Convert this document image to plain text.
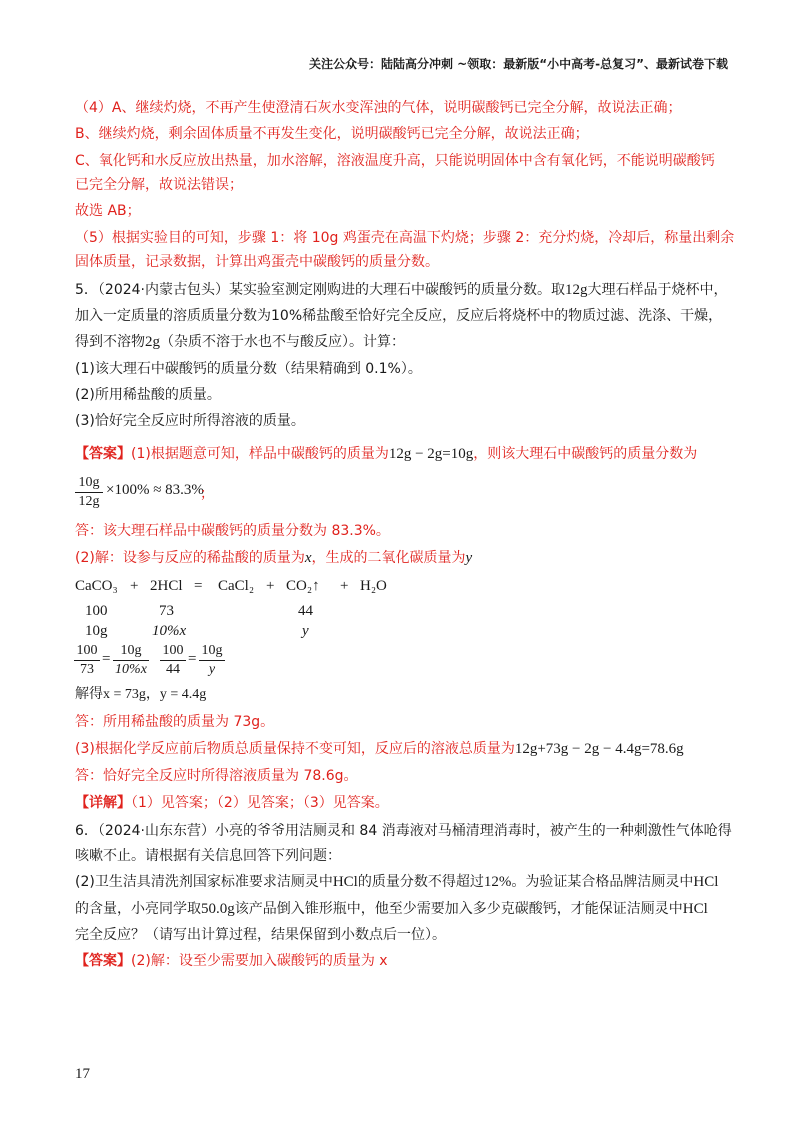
关注公众号：陆陆高分冲刺 ~领取：最新版“小中高考-总复习”、最新试卷下载
（4）A、继续灼烧，不再产生使澄清石灰水变浑浊的气体，说明碳酸钙已完全分解，故说法正确；
B、继续灼烧，剩余固体质量不再发生变化，说明碳酸钙已完全分解，故说法正确；
C、氧化钙和水反应放出热量，加水溶解，溶液温度升高，只能说明固体中含有氧化钙，不能说明碳酸钙
已完全分解，故说法错误；
故选 AB；
（5）根据实验目的可知，步骤 1：将 10g 鸡蛋壳在高温下灼烧；步骤 2：充分灼烧，冷却后，称量出剩余
固体质量，记录数据，计算出鸡蛋壳中碳酸钙的质量分数。
5．（2024·内蒙古包头）某实验室测定刚购进的大理石中碳酸钙的质量分数。取12g大理石样品于烧杯中，
加入一定质量的溶质质量分数为10%稀盐酸至恰好完全反应，反应后将烧杯中的物质过滤、洗涤、干燥，
得到不溶物2g（杂质不溶于水也不与酸反应）。计算：
(1)该大理石中碳酸钙的质量分数（结果精确到 0.1%）。
(2)所用稀盐酸的质量。
(3)恰好完全反应时所得溶液的质量。
【答案】(1)根据题意可知，样品中碳酸钙的质量为12g − 2g=10g，则该大理石中碳酸钙的质量分数为
$\frac{10g}{12g} \times 100\% \approx 83.3\%$
；
答：该大理石样品中碳酸钙的质量分数为 83.3%。
(2)解：设参与反应的稀盐酸的质量为x，生成的二氧化碳质量为y
CaCO₃ + 2HCl = CaCl₂ + CO₂↑ + H₂O
100	73	44
10g	10%x	y
$\frac{100}{73} = \frac{10g}{10\%x} \frac{100}{44} = \frac{10g}{y}$
解得x = 73g，y = 4.4g
答：所用稀盐酸的质量为 73g。
(3)根据化学反应前后物质总质量保持不变可知，反应后的溶液总质量为12g+73g − 2g − 4.4g=78.6g
答：恰好完全反应时所得溶液质量为 78.6g。
【详解】（1）见答案；（2）见答案；（3）见答案。
6．（2024·山东东营）小亮的爷爷用洁厕灵和 84 消毒液对马桶清理消毒时，被产生的一种刺激性气体呛得
咳嗽不止。请根据有关信息回答下列问题：
(2)卫生洁具清洗剂国家标准要求洁厕灵中HCl的质量分数不得超过12%。为验证某合格品牌洁厕灵中HCl
的含量，小亮同学取50.0g该产品倒入锥形瓶中，他至少需要加入多少克碳酸钙，才能保证洁厕灵中HCl
完全反应？（请写出计算过程，结果保留到小数点后一位）。
【答案】(2)解：设至少需要加入碳酸钙的质量为 x
17
